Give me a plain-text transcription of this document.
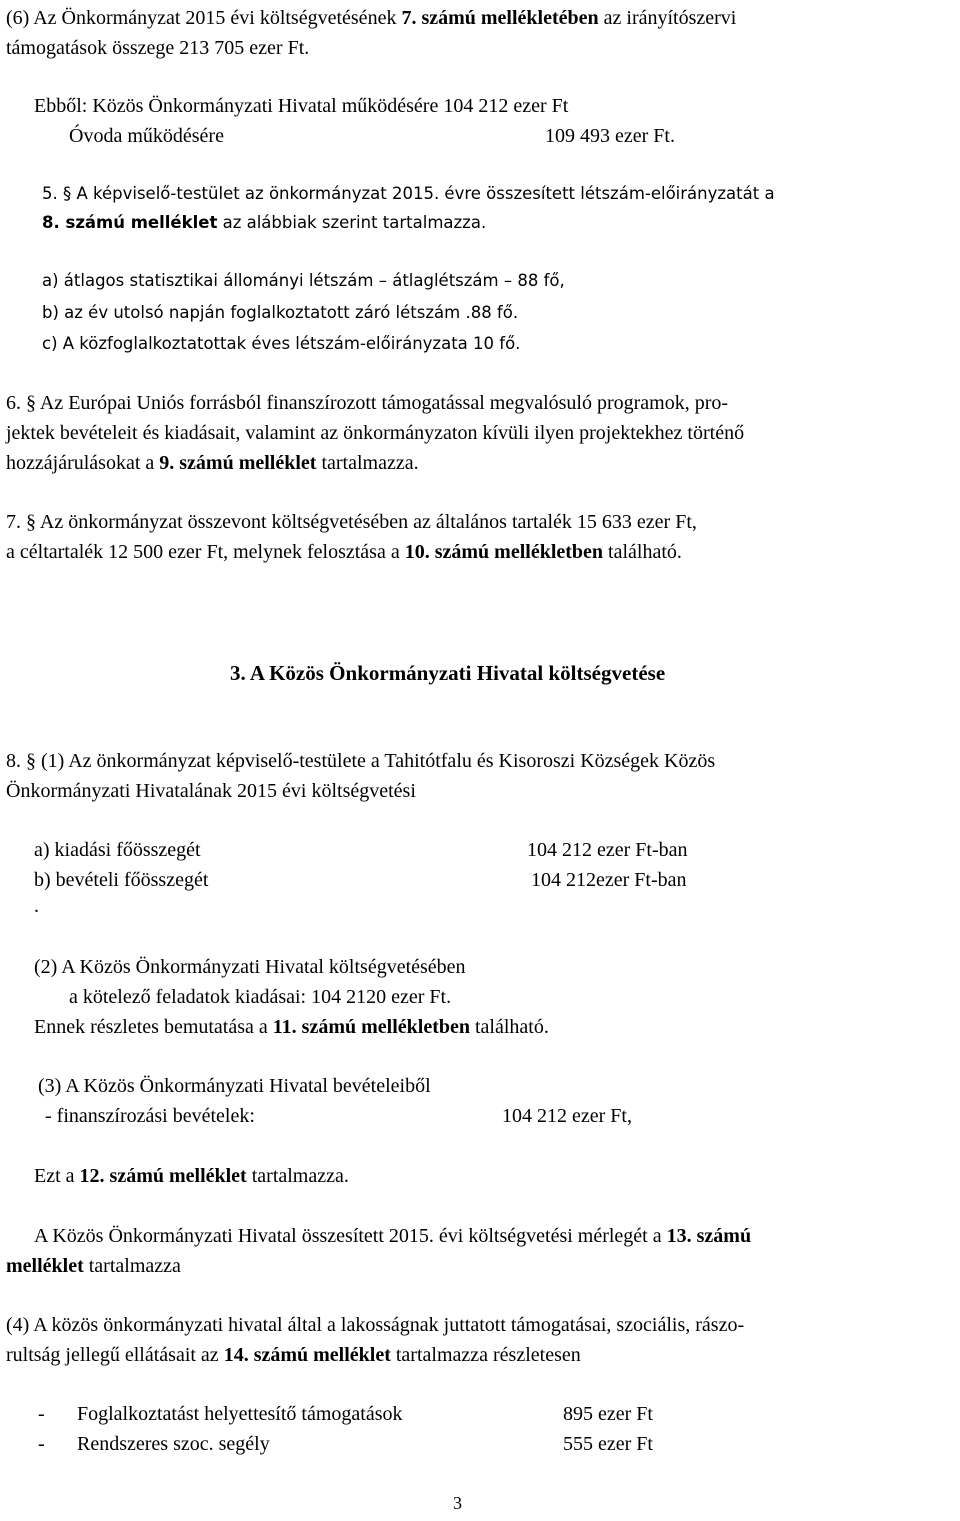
(6) Az Önkormányzat 2015 évi költségvetésének 7. számú mellékletében az irányítószervi
támogatások összege 213 705 ezer Ft.
Ebből: Közös Önkormányzati Hivatal működésére 104 212 ezer Ft
Óvoda működésére	109 493 ezer Ft.
5. § A képviselő-testület az önkormányzat 2015. évre összesített létszám-előirányzatát a
8. számú melléklet az alábbiak szerint tartalmazza.
a) átlagos statisztikai állományi létszám – átlaglétszám – 88 fő,
b) az év utolsó napján foglalkoztatott záró létszám .88 fő.
c) A közfoglalkoztatottak éves létszám-előirányzata 10 fő.
6. § Az Európai Uniós forrásból finanszírozott támogatással megvalósuló programok, pro-
jektek bevételeit és kiadásait, valamint az önkormányzaton kívüli ilyen projektekhez történő
hozzájárulásokat a 9. számú melléklet tartalmazza.
7. § Az önkormányzat összevont költségvetésében az általános tartalék 15 633 ezer Ft,
a céltartalék 12 500 ezer Ft, melynek felosztása a 10. számú mellékletben található.
3. A Közös Önkormányzati Hivatal költségvetése
8. § (1) Az önkormányzat képviselő-testülete a Tahitótfalu és Kisoroszi Községek Közös
Önkormányzati Hivatalának 2015 évi költségvetési
a) kiadási főösszegét	104 212 ezer Ft-ban
b) bevételi főösszegét	104 212ezer Ft-ban
.
(2) A Közös Önkormányzati Hivatal költségvetésében
a kötelező feladatok kiadásai: 104 2120 ezer Ft.
Ennek részletes bemutatása a 11. számú mellékletben található.
(3) A Közös Önkormányzati Hivatal bevételeiből
- finanszírozási bevételek:	104 212 ezer Ft,
Ezt a 12. számú melléklet tartalmazza.
A Közös Önkormányzati Hivatal összesített 2015. évi költségvetési mérlegét a 13. számú
melléklet tartalmazza
(4) A közös önkormányzati hivatal által a lakosságnak juttatott támogatásai, szociális, rászo-
rultság jellegű ellátásait az 14. számú melléklet tartalmazza részletesen
- Foglalkoztatást helyettesítő támogatások	895 ezer Ft
- Rendszeres szoc. segély	555 ezer Ft
3
